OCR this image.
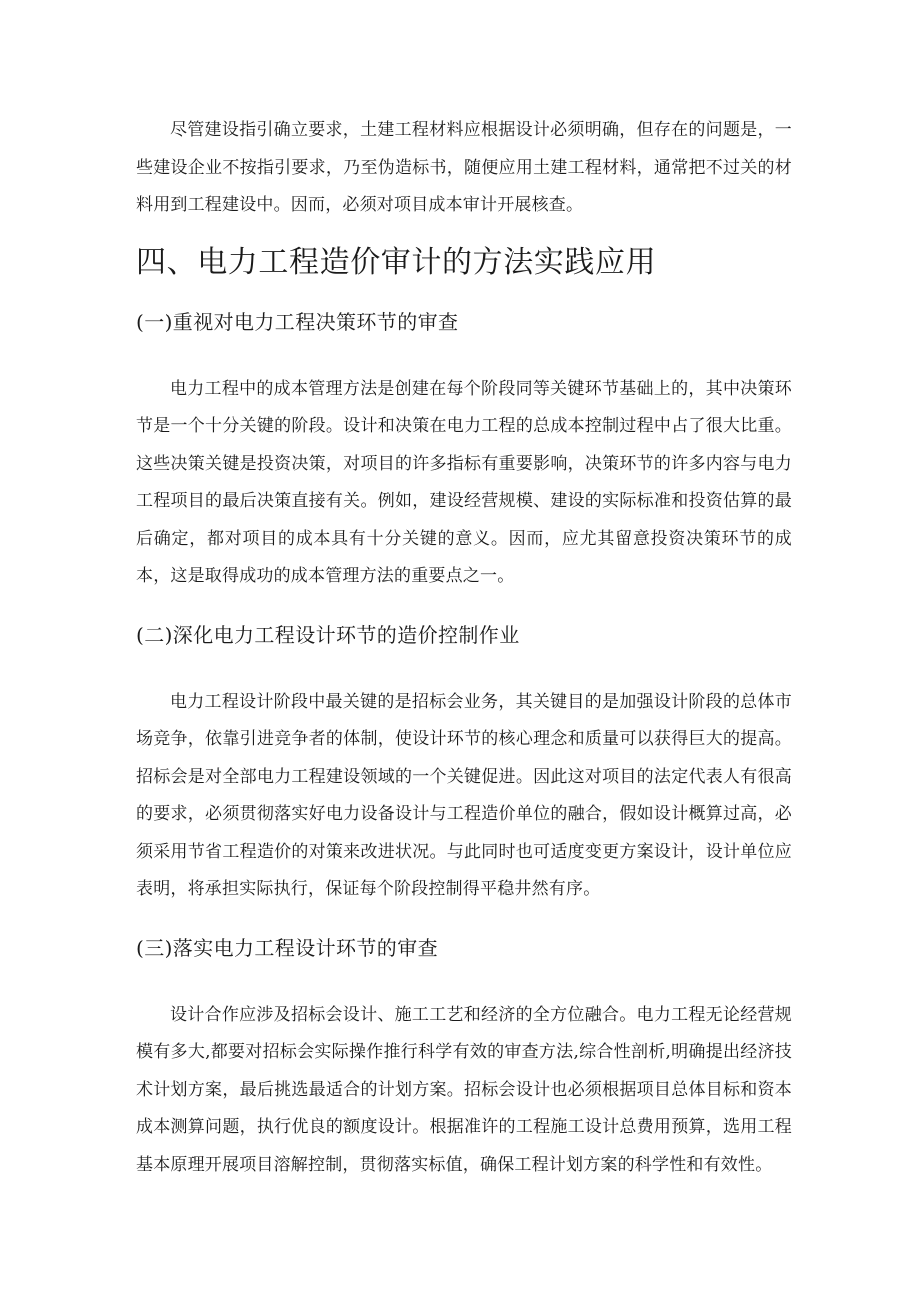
尽管建设指引确立要求，土建工程材料应根据设计必须明确，但存在的问题是，一些建设企业不按指引要求，乃至伪造标书，随便应用土建工程材料，通常把不过关的材料用到工程建设中。因而，必须对项目成本审计开展核查。

四、电力工程造价审计的方法实践应用
(一)重视对电力工程决策环节的审查

电力工程中的成本管理方法是创建在每个阶段同等关键环节基础上的，其中决策环节是一个十分关键的阶段。设计和决策在电力工程的总成本控制过程中占了很大比重。这些决策关键是投资决策，对项目的许多指标有重要影响，决策环节的许多内容与电力工程项目的最后决策直接有关。例如，建设经营规模、建设的实际标准和投资估算的最后确定，都对项目的成本具有十分关键的意义。因而，应尤其留意投资决策环节的成本，这是取得成功的成本管理方法的重要点之一。

(二)深化电力工程设计环节的造价控制作业

电力工程设计阶段中最关键的是招标会业务，其关键目的是加强设计阶段的总体市场竞争，依靠引进竞争者的体制，使设计环节的核心理念和质量可以获得巨大的提高。招标会是对全部电力工程建设领域的一个关键促进。因此这对项目的法定代表人有很高的要求，必须贯彻落实好电力设备设计与工程造价单位的融合，假如设计概算过高，必须采用节省工程造价的对策来改进状况。与此同时也可适度变更方案设计，设计单位应表明，将承担实际执行，保证每个阶段控制得平稳井然有序。

(三)落实电力工程设计环节的审查

设计合作应涉及招标会设计、施工工艺和经济的全方位融合。电力工程无论经营规模有多大,都要对招标会实际操作推行科学有效的审查方法,综合性剖析,明确提出经济技术计划方案，最后挑选最适合的计划方案。招标会设计也必须根据项目总体目标和资本成本测算问题，执行优良的额度设计。根据准许的工程施工设计总费用预算，选用工程基本原理开展项目溶解控制，贯彻落实标值，确保工程计划方案的科学性和有效性。
